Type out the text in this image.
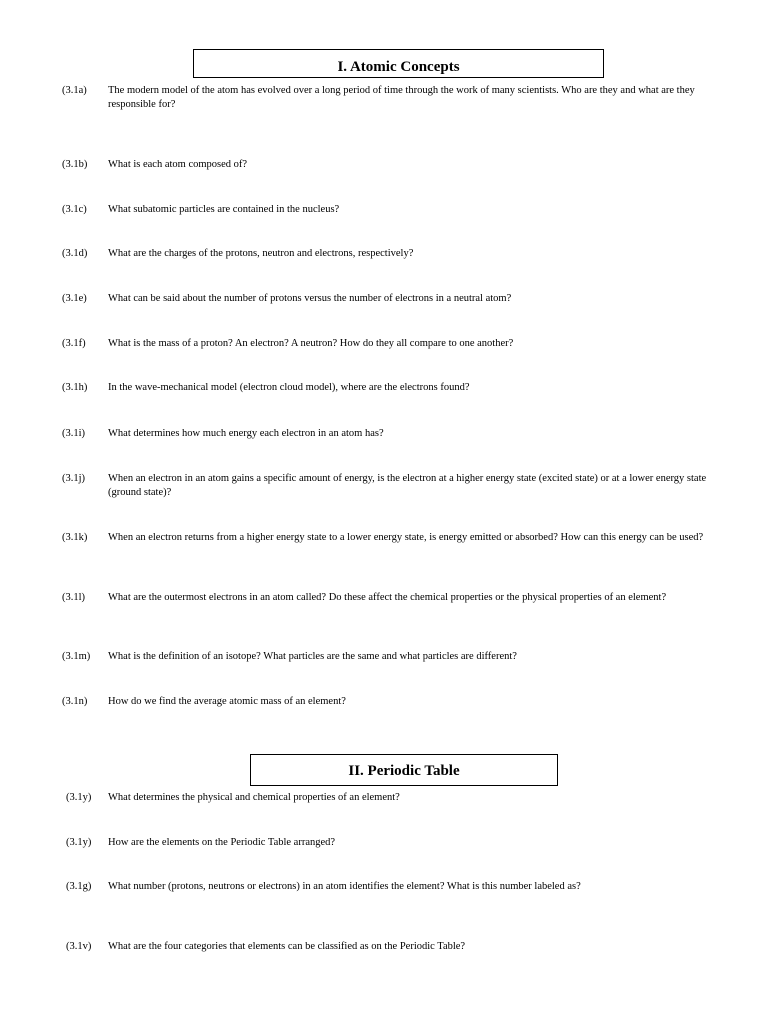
I. Atomic Concepts
(3.1a) The modern model of the atom has evolved over a long period of time through the work of many scientists. Who are they and what are they responsible for?
(3.1b) What is each atom composed of?
(3.1c) What subatomic particles are contained in the nucleus?
(3.1d) What are the charges of the protons, neutron and electrons, respectively?
(3.1e) What can be said about the number of protons versus the number of electrons in a neutral atom?
(3.1f) What is the mass of a proton? An electron? A neutron? How do they all compare to one another?
(3.1h) In the wave-mechanical model (electron cloud model), where are the electrons found?
(3.1i) What determines how much energy each electron in an atom has?
(3.1j) When an electron in an atom gains a specific amount of energy, is the electron at a higher energy state (excited state) or at a lower energy state (ground state)?
(3.1k) When an electron returns from a higher energy state to a lower energy state, is energy emitted or absorbed? How can this energy can be used?
(3.1l) What are the outermost electrons in an atom called? Do these affect the chemical properties or the physical properties of an element?
(3.1m) What is the definition of an isotope? What particles are the same and what particles are different?
(3.1n) How do we find the average atomic mass of an element?
II. Periodic Table
(3.1y) What determines the physical and chemical properties of an element?
(3.1y) How are the elements on the Periodic Table arranged?
(3.1g) What number (protons, neutrons or electrons) in an atom identifies the element? What is this number labeled as?
(3.1v) What are the four categories that elements can be classified as on the Periodic Table?
